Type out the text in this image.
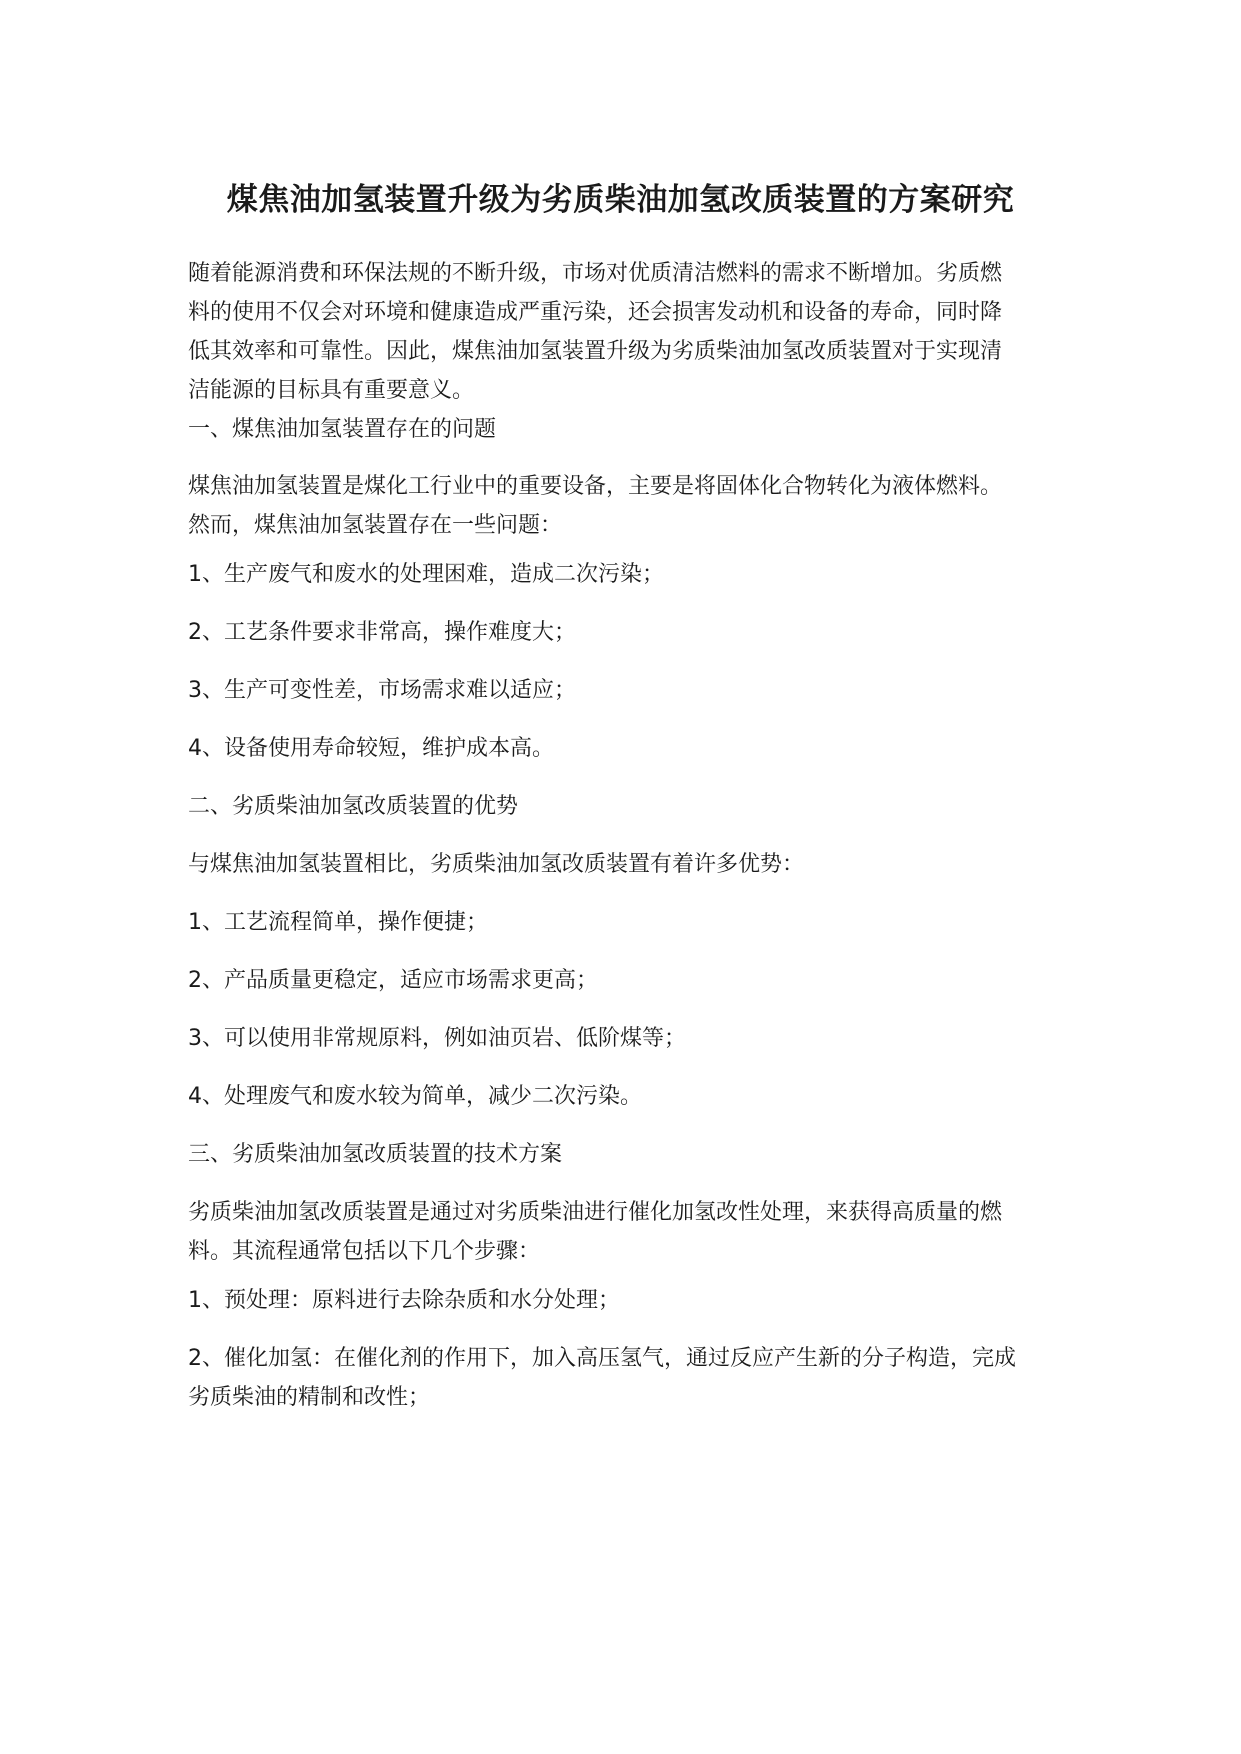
煤焦油加氢装置升级为劣质柴油加氢改质装置的方案研究

随着能源消费和环保法规的不断升级，市场对优质清洁燃料的需求不断增加。劣质燃
料的使用不仅会对环境和健康造成严重污染，还会损害发动机和设备的寿命，同时降
低其效率和可靠性。因此，煤焦油加氢装置升级为劣质柴油加氢改质装置对于实现清
洁能源的目标具有重要意义。

一、煤焦油加氢装置存在的问题

煤焦油加氢装置是煤化工行业中的重要设备，主要是将固体化合物转化为液体燃料。
然而，煤焦油加氢装置存在一些问题：

1、生产废气和废水的处理困难，造成二次污染；

2、工艺条件要求非常高，操作难度大；

3、生产可变性差，市场需求难以适应；

4、设备使用寿命较短，维护成本高。

二、劣质柴油加氢改质装置的优势

与煤焦油加氢装置相比，劣质柴油加氢改质装置有着许多优势：

1、工艺流程简单，操作便捷；

2、产品质量更稳定，适应市场需求更高；

3、可以使用非常规原料，例如油页岩、低阶煤等；

4、处理废气和废水较为简单，减少二次污染。

三、劣质柴油加氢改质装置的技术方案

劣质柴油加氢改质装置是通过对劣质柴油进行催化加氢改性处理，来获得高质量的燃
料。其流程通常包括以下几个步骤：

1、预处理：原料进行去除杂质和水分处理；

2、催化加氢：在催化剂的作用下，加入高压氢气，通过反应产生新的分子构造，完成
劣质柴油的精制和改性；
